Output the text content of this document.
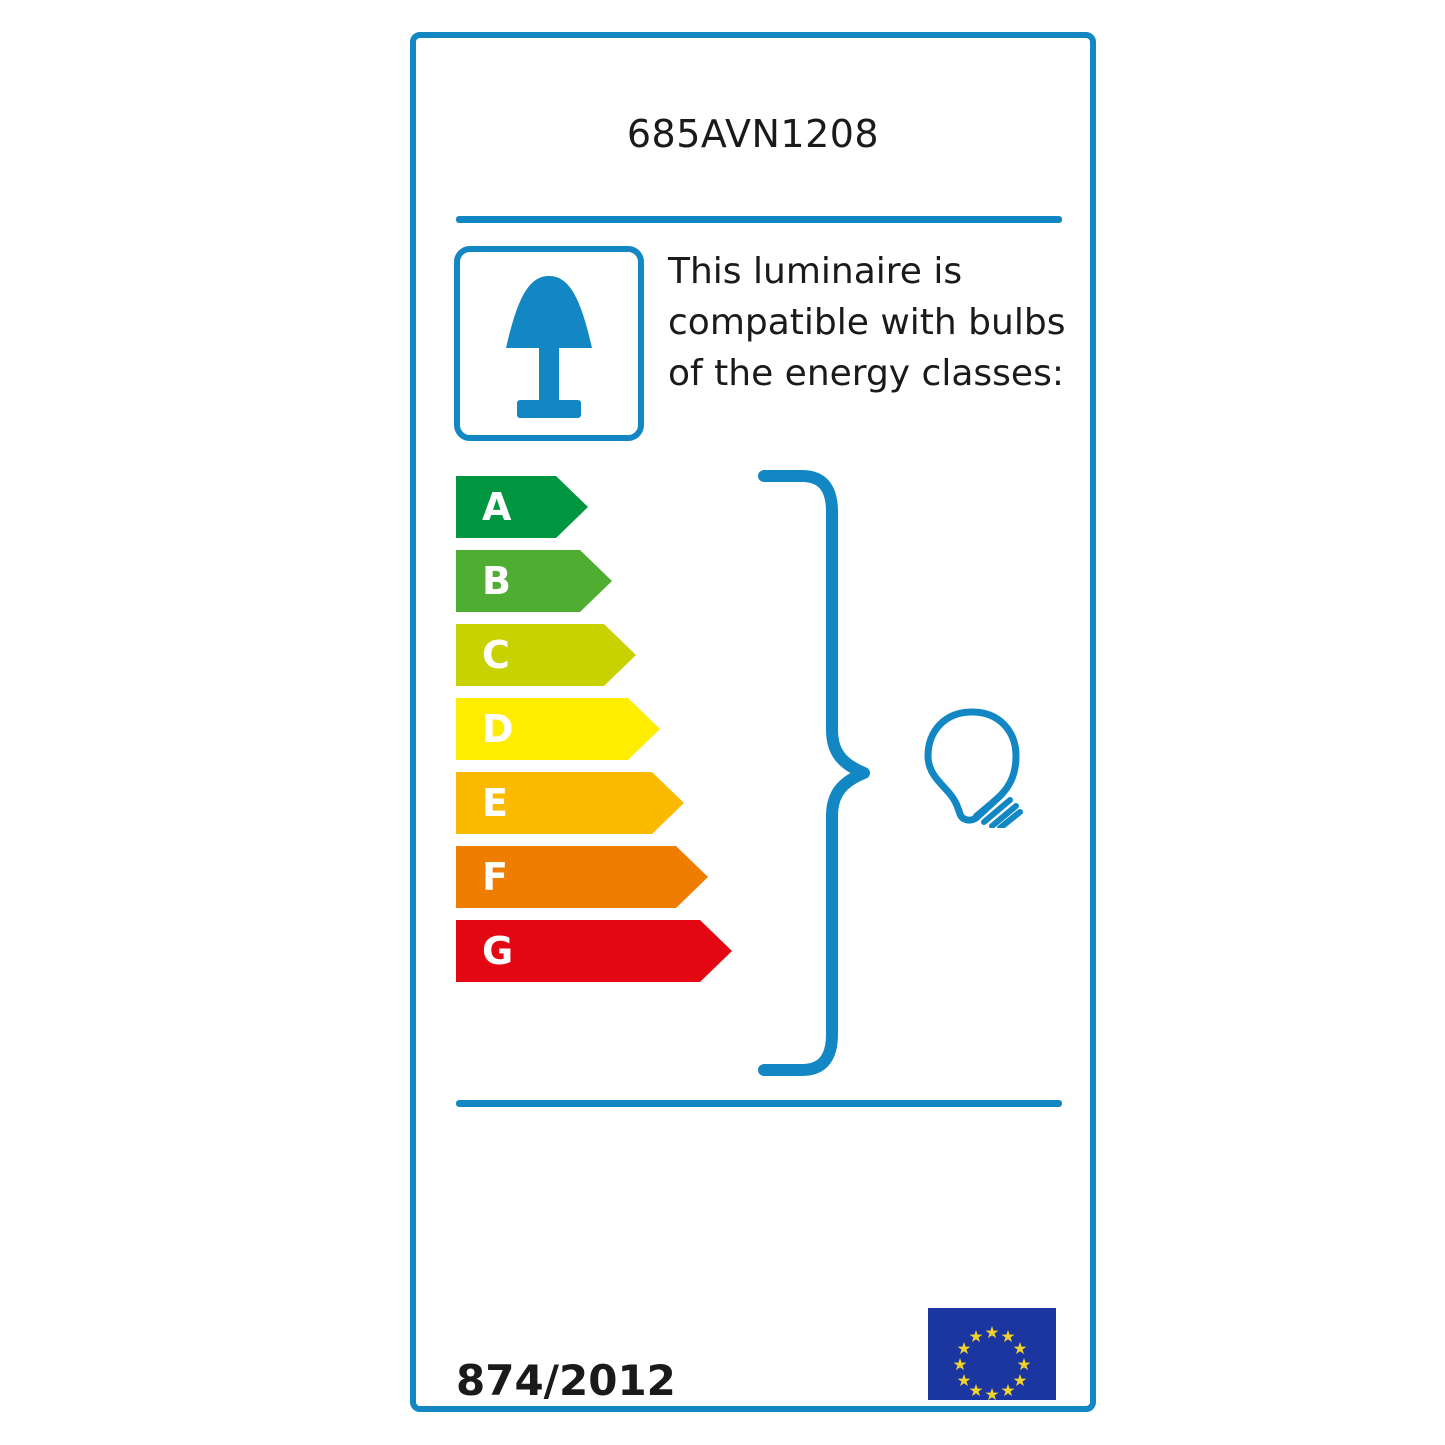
685AVN1208
This luminaire is
compatible with bulbs
of the energy classes:
A
B
C
D
E
F
G
874/2012
